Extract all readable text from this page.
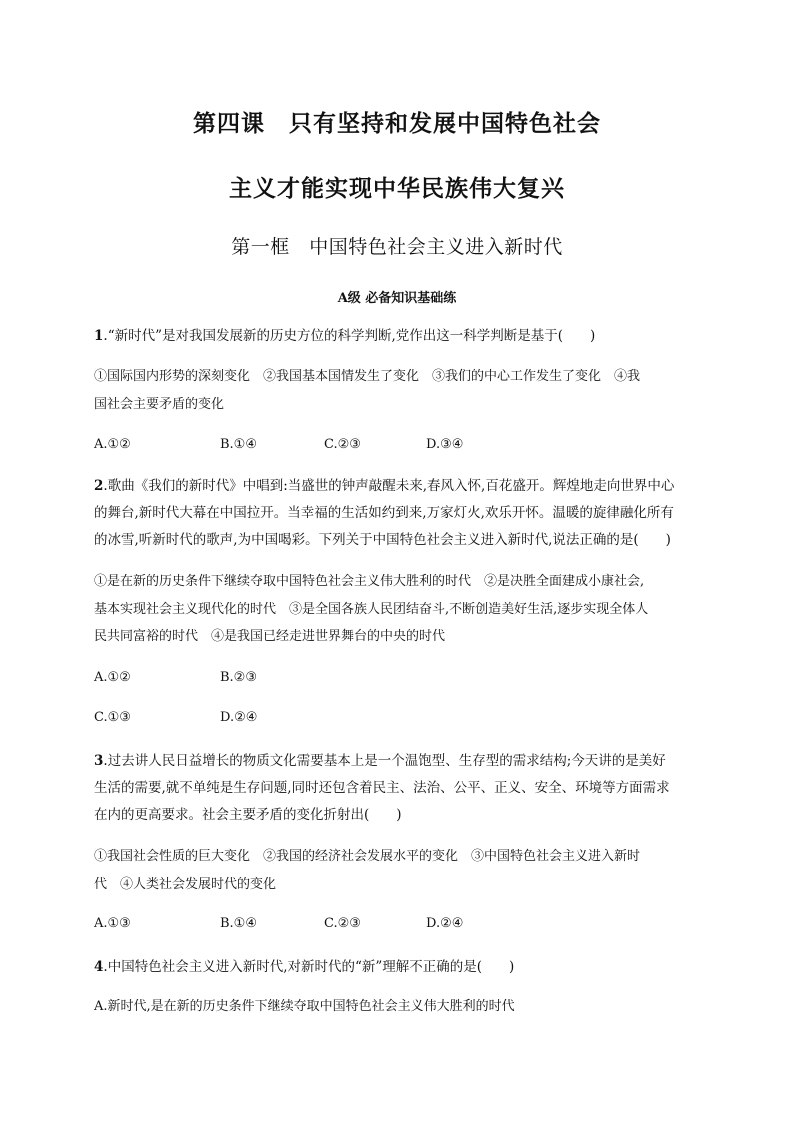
第四课　只有坚持和发展中国特色社会
主义才能实现中华民族伟大复兴
第一框　中国特色社会主义进入新时代
A级 必备知识基础练
1.“新时代”是对我国发展新的历史方位的科学判断,党作出这一科学判断是基于(　　)
①国际国内形势的深刻变化　②我国基本国情发生了变化　③我们的中心工作发生了变化　④我
国社会主要矛盾的变化
A.①②	B.①④	C.②③	D.③④
2.歌曲《我们的新时代》中唱到:当盛世的钟声敲醒未来,春风入怀,百花盛开。辉煌地走向世界中心
的舞台,新时代大幕在中国拉开。当幸福的生活如约到来,万家灯火,欢乐开怀。温暖的旋律融化所有
的冰雪,听新时代的歌声,为中国喝彩。下列关于中国特色社会主义进入新时代,说法正确的是(　　)
①是在新的历史条件下继续夺取中国特色社会主义伟大胜利的时代　②是决胜全面建成小康社会,
基本实现社会主义现代化的时代　③是全国各族人民团结奋斗,不断创造美好生活,逐步实现全体人
民共同富裕的时代　④是我国已经走进世界舞台的中央的时代
A.①②	B.②③
C.①③	D.②④
3.过去讲人民日益增长的物质文化需要基本上是一个温饱型、生存型的需求结构;今天讲的是美好
生活的需要,就不单纯是生存问题,同时还包含着民主、法治、公平、正义、安全、环境等方面需求
在内的更高要求。社会主要矛盾的变化折射出(　　)
①我国社会性质的巨大变化　②我国的经济社会发展水平的变化　③中国特色社会主义进入新时
代　④人类社会发展时代的变化
A.①③	B.①④	C.②③	D.②④
4.中国特色社会主义进入新时代,对新时代的“新”理解不正确的是(　　)
A.新时代,是在新的历史条件下继续夺取中国特色社会主义伟大胜利的时代
